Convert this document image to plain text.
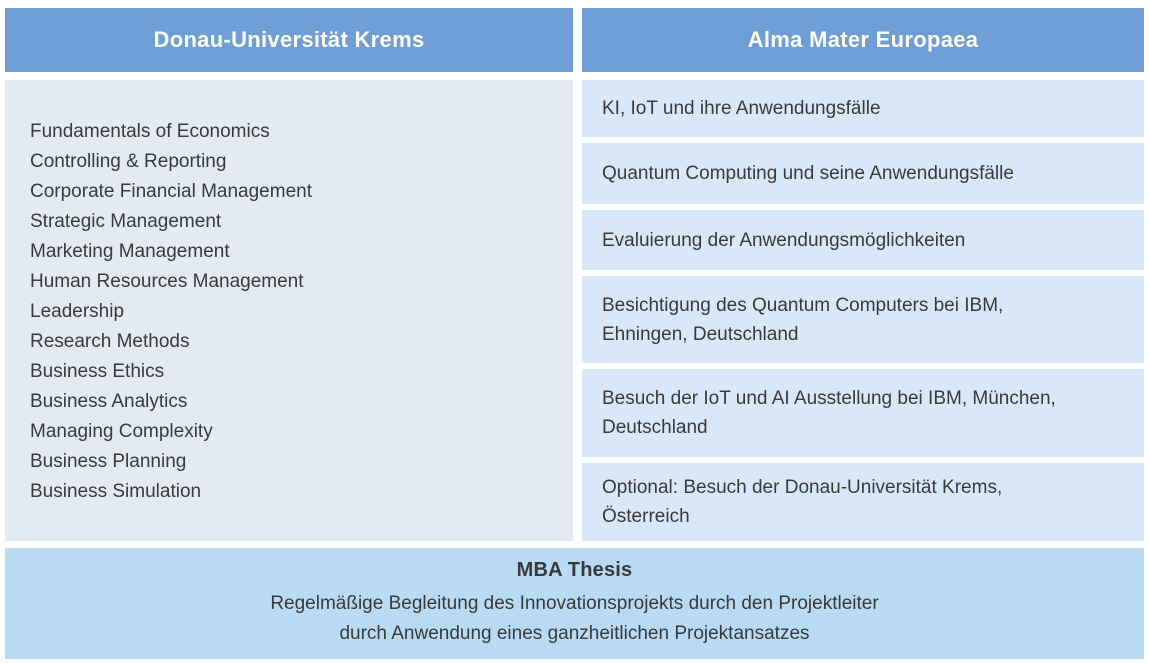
Donau-Universität Krems
Fundamentals of Economics
Controlling & Reporting
Corporate Financial Management
Strategic Management
Marketing Management
Human Resources Management
Leadership
Research Methods
Business Ethics
Business Analytics
Managing Complexity
Business Planning
Business Simulation
Alma Mater Europaea
KI, IoT und ihre Anwendungsfälle
Quantum Computing und seine Anwendungsfälle
Evaluierung der Anwendungsmöglichkeiten
Besichtigung des Quantum Computers bei IBM,
Ehningen, Deutschland
Besuch der IoT und AI Ausstellung bei IBM, München,
Deutschland
Optional: Besuch der Donau-Universität Krems,
Österreich
MBA Thesis
Regelmäßige Begleitung des Innovationsprojekts durch den Projektleiter
durch Anwendung eines ganzheitlichen Projektansatzes
